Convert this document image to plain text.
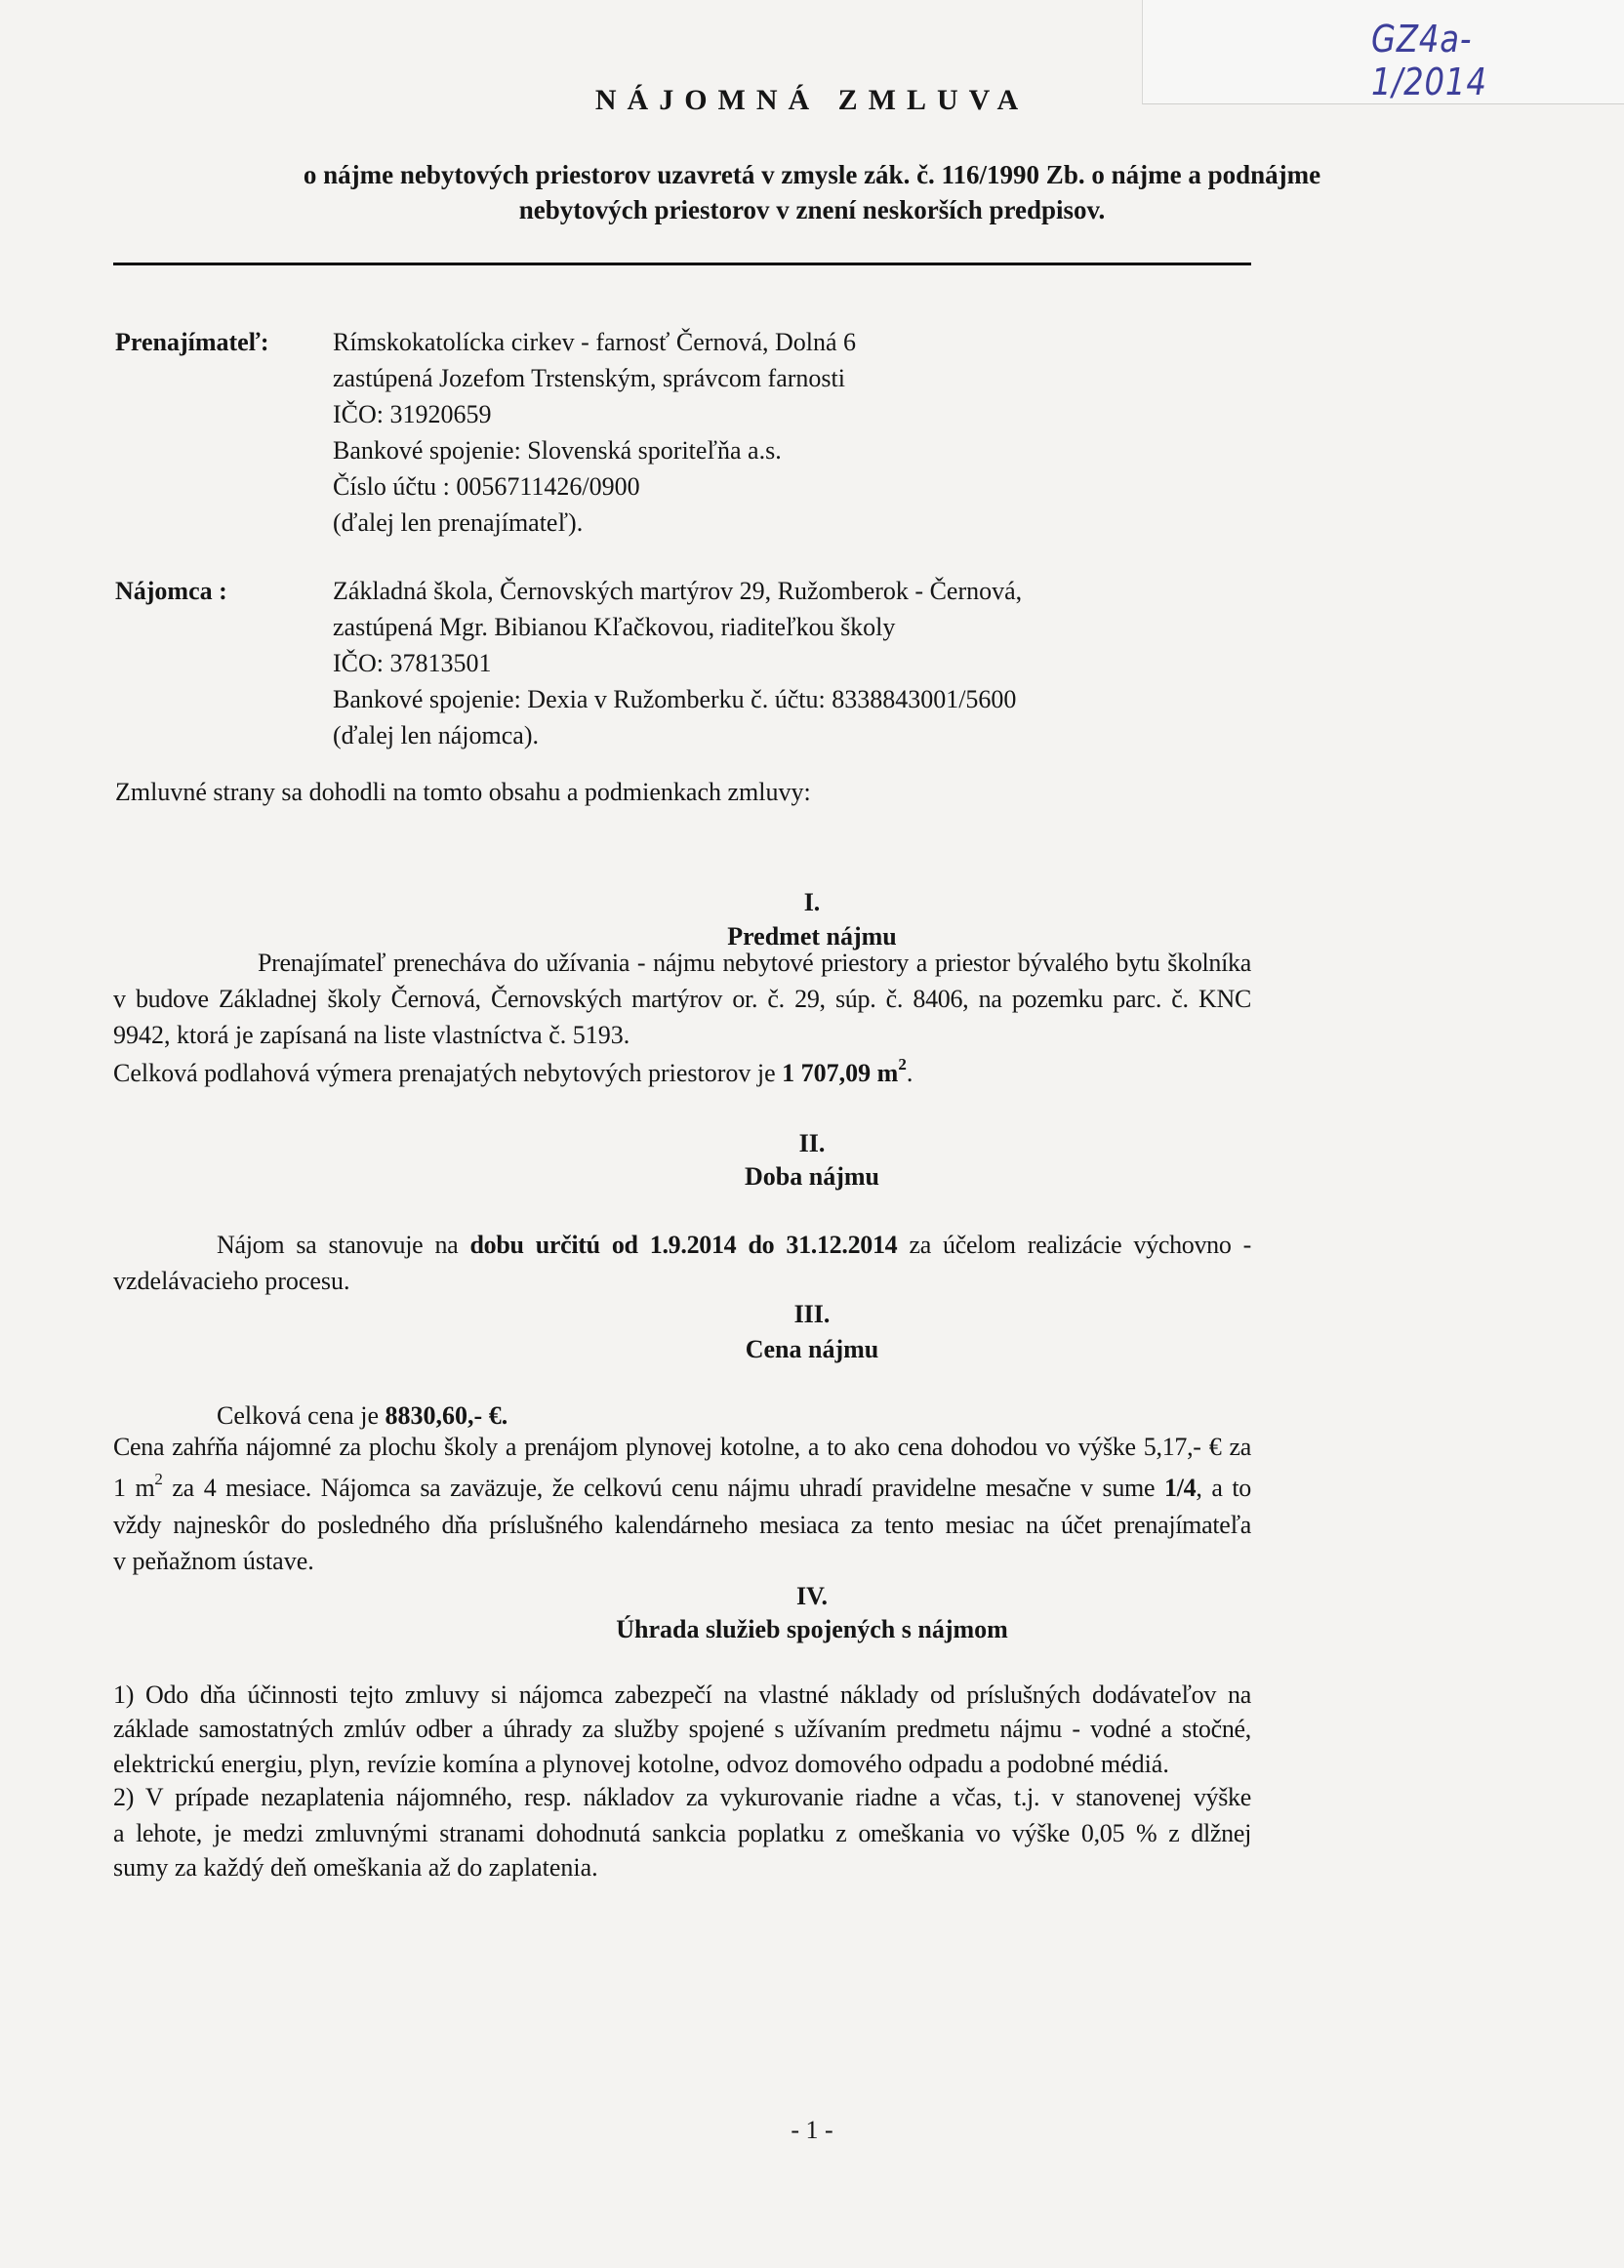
GZ4a-1/2014
NÁJOMNÁ ZMLUVA
o nájme nebytových priestorov uzavretá v zmysle zák. č. 116/1990 Zb. o nájme a podnájme
nebytových priestorov v znení neskorších predpisov.
Prenajímateľ:	Rímskokatolícka cirkev - farnosť Černová, Dolná 6
zastúpená Jozefom Trstenským, správcom farnosti
IČO: 31920659
Bankové spojenie: Slovenská sporiteľňa a.s.
Číslo účtu : 0056711426/0900
(ďalej len prenajímateľ).
Nájomca :	Základná škola, Černovských martýrov 29, Ružomberok - Černová,
zastúpená Mgr. Bibianou Kľačkovou, riaditeľkou školy
IČO: 37813501
Bankové spojenie: Dexia v Ružomberku č. účtu: 8338843001/5600
(ďalej len nájomca).
Zmluvné strany sa dohodli na tomto obsahu a podmienkach zmluvy:
I.
Predmet nájmu
Prenajímateľ prenecháva do užívania - nájmu nebytové priestory a priestor bývalého bytu školníka
v budove Základnej školy Černová, Černovských martýrov or. č. 29, súp. č. 8406, na pozemku parc. č. KNC
9942, ktorá je zapísaná na liste vlastníctva č. 5193.
Celková podlahová výmera prenajatých nebytových priestorov je 1 707,09 $m^2$.
II.
Doba nájmu
Nájom sa stanovuje na dobu určitú od 1.9.2014 do 31.12.2014 za účelom realizácie výchovno -
vzdelávacieho procesu.
III.
Cena nájmu
Celková cena je 8830,60,- €.
Cena zahŕňa nájomné za plochu školy a prenájom plynovej kotolne, a to ako cena dohodou vo výške 5,17,- € za
1 $m^2$ za 4 mesiace. Nájomca sa zaväzuje, že celkovú cenu nájmu uhradí pravidelne mesačne v sume 1/4, a to
vždy najneskôr do posledného dňa príslušného kalendárneho mesiaca za tento mesiac na účet prenajímateľa
v peňažnom ústave.
IV.
Úhrada služieb spojených s nájmom
1) Odo dňa účinnosti tejto zmluvy si nájomca zabezpečí na vlastné náklady od príslušných dodávateľov na
základe samostatných zmlúv odber a úhrady za služby spojené s užívaním predmetu nájmu - vodné a stočné,
elektrickú energiu, plyn, revízie komína a plynovej kotolne, odvoz domového odpadu a podobné médiá.
2) V prípade nezaplatenia nájomného, resp. nákladov za vykurovanie riadne a včas, t.j. v stanovenej výške
a lehote, je medzi zmluvnými stranami dohodnutá sankcia poplatku z omeškania vo výške 0,05 % z dlžnej
sumy za každý deň omeškania až do zaplatenia.
- 1 -
